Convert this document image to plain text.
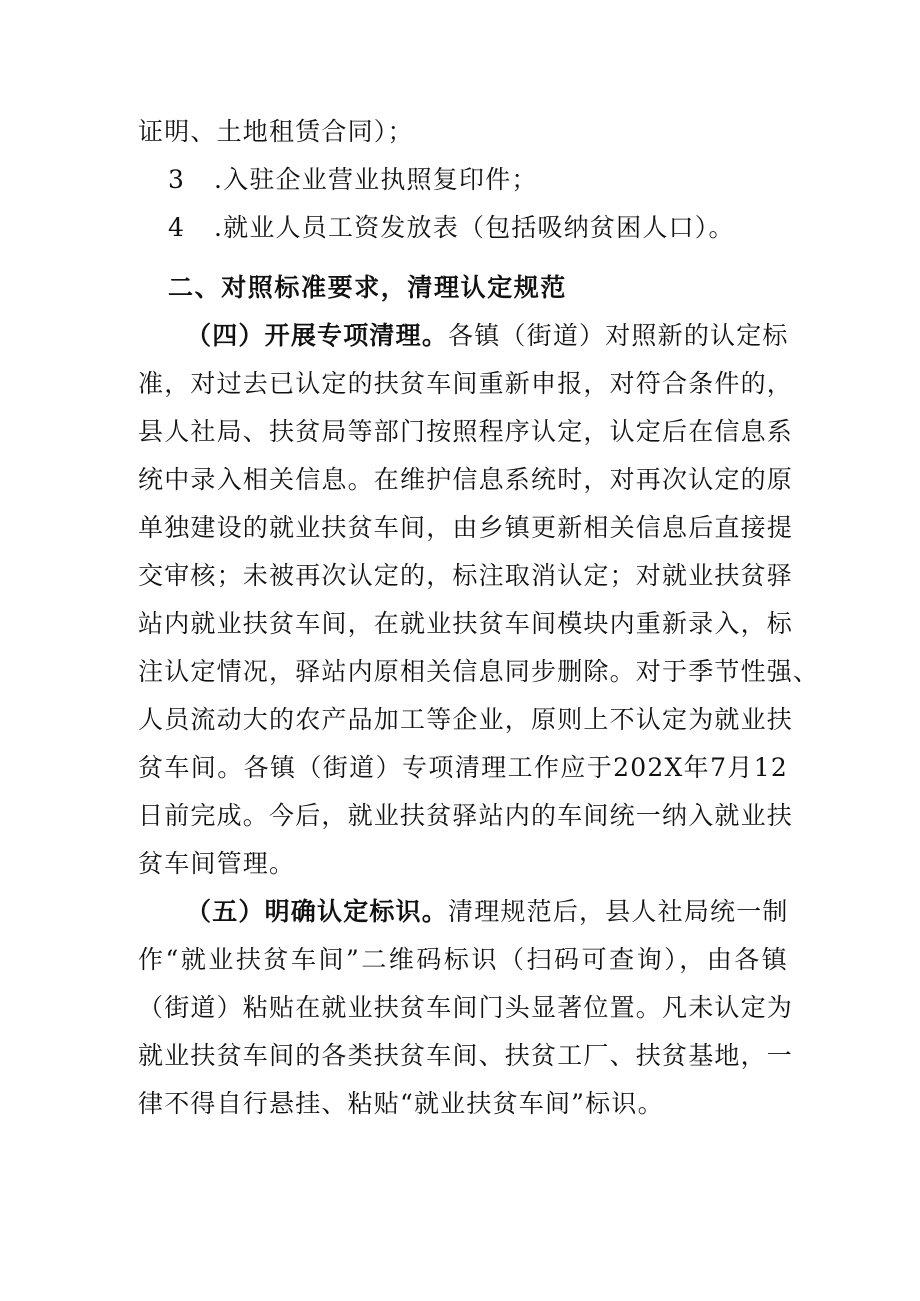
证明、土地租赁合同）；
3 .入驻企业营业执照复印件；
4 .就业人员工资发放表（包括吸纳贫困人口）。
二、对照标准要求，清理认定规范
（四）开展专项清理。各镇（街道）对照新的认定标
准，对过去已认定的扶贫车间重新申报，对符合条件的，
县人社局、扶贫局等部门按照程序认定，认定后在信息系
统中录入相关信息。在维护信息系统时，对再次认定的原
单独建设的就业扶贫车间，由乡镇更新相关信息后直接提
交审核；未被再次认定的，标注取消认定；对就业扶贫驿
站内就业扶贫车间，在就业扶贫车间模块内重新录入，标
注认定情况，驿站内原相关信息同步删除。对于季节性强、
人员流动大的农产品加工等企业，原则上不认定为就业扶
贫车间。各镇（街道）专项清理工作应于202X年7月12
日前完成。今后，就业扶贫驿站内的车间统一纳入就业扶
贫车间管理。
（五）明确认定标识。清理规范后，县人社局统一制
作“就业扶贫车间”二维码标识（扫码可查询），由各镇
（街道）粘贴在就业扶贫车间门头显著位置。凡未认定为
就业扶贫车间的各类扶贫车间、扶贫工厂、扶贫基地，一
律不得自行悬挂、粘贴“就业扶贫车间”标识。
